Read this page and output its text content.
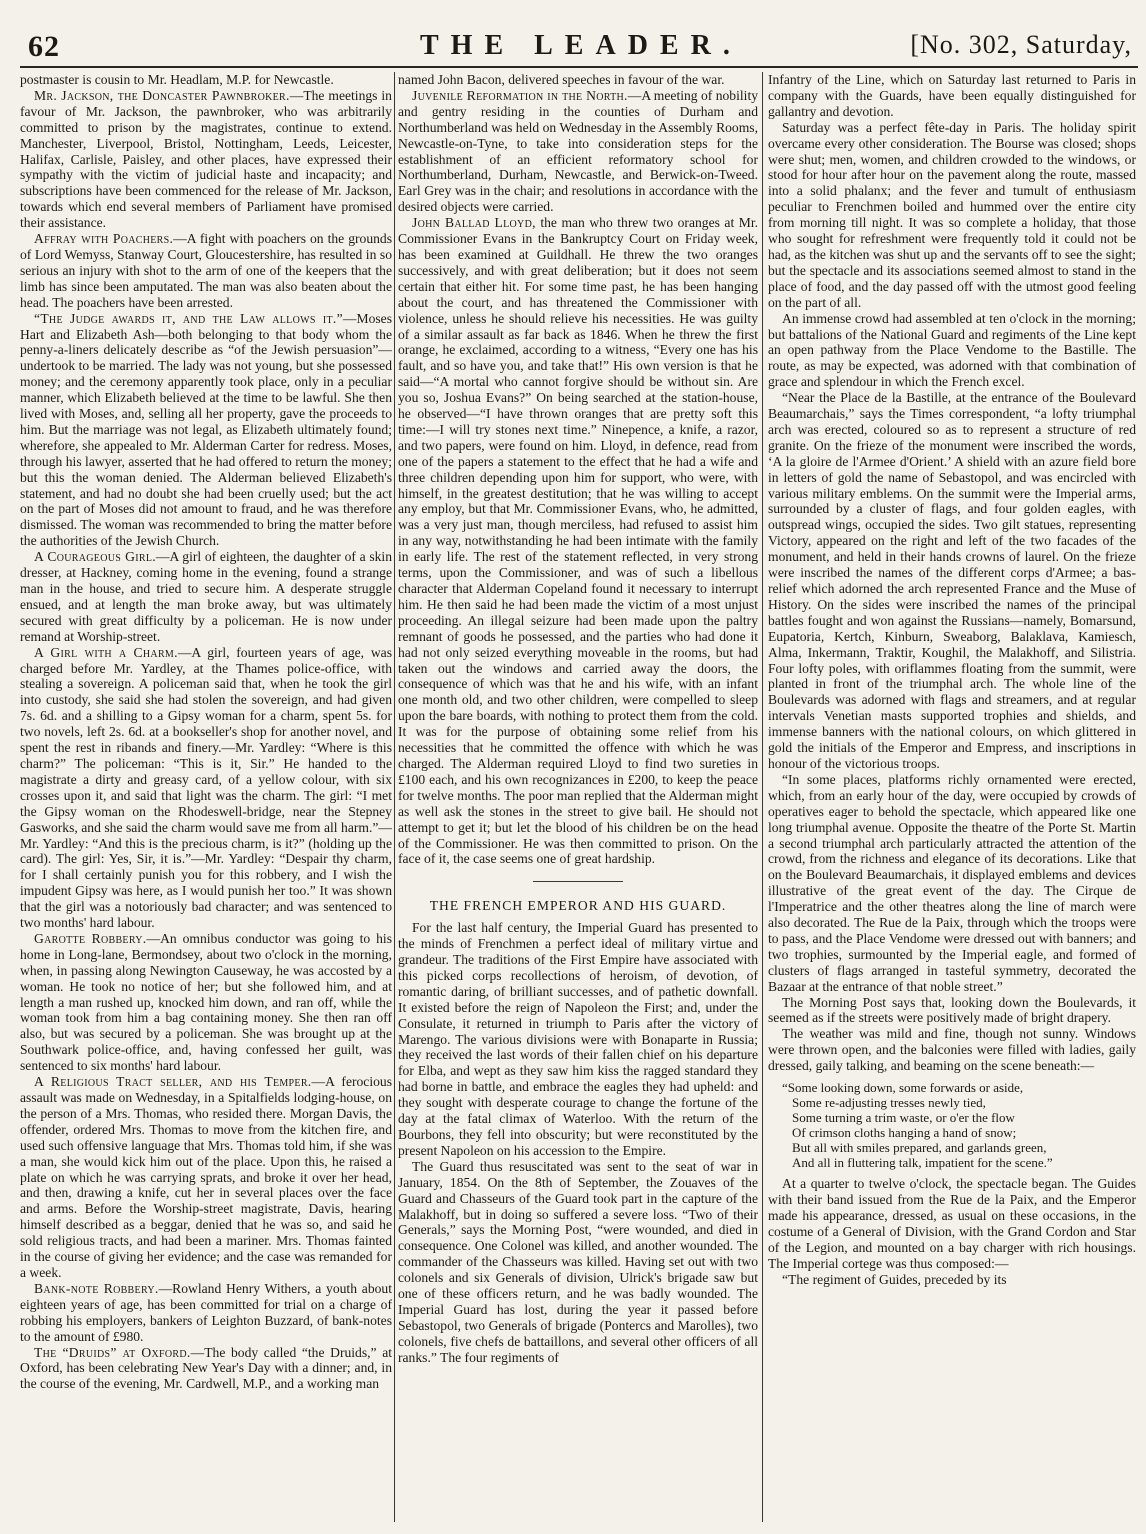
62	THE LEADER.	[No. 302, Saturday,

postmaster is cousin to Mr. Headlam, M.P. for Newcastle.

Mr. Jackson, the Doncaster Pawnbroker.—The meetings in favour of Mr. Jackson, the pawnbroker, who was arbitrarily committed to prison by the magistrates, continue to extend. Manchester, Liverpool, Bristol, Nottingham, Leeds, Leicester, Halifax, Carlisle, Paisley, and other places, have expressed their sympathy with the victim of judicial haste and incapacity; and subscriptions have been commenced for the release of Mr. Jackson, towards which end several members of Parliament have promised their assistance.

Affray with Poachers.—A fight with poachers on the grounds of Lord Wemyss, Stanway Court, Gloucestershire, has resulted in so serious an injury with shot to the arm of one of the keepers that the limb has since been amputated. The man was also beaten about the head. The poachers have been arrested.

“The Judge awards it, and the Law allows it.”—Moses Hart and Elizabeth Ash—both belonging to that body whom the penny-a-liners delicately describe as “of the Jewish persuasion”—undertook to be married. The lady was not young, but she possessed money; and the ceremony apparently took place, only in a peculiar manner, which Elizabeth believed at the time to be lawful. She then lived with Moses, and, selling all her property, gave the proceeds to him. But the marriage was not legal, as Elizabeth ultimately found; wherefore, she appealed to Mr. Alderman Carter for redress. Moses, through his lawyer, asserted that he had offered to return the money; but this the woman denied. The Alderman believed Elizabeth's statement, and had no doubt she had been cruelly used; but the act on the part of Moses did not amount to fraud, and he was therefore dismissed. The woman was recommended to bring the matter before the authorities of the Jewish Church.

A Courageous Girl.—A girl of eighteen, the daughter of a skin dresser, at Hackney, coming home in the evening, found a strange man in the house, and tried to secure him. A desperate struggle ensued, and at length the man broke away, but was ultimately secured with great difficulty by a policeman. He is now under remand at Worship-street.

A Girl with a Charm.—A girl, fourteen years of age, was charged before Mr. Yardley, at the Thames police-office, with stealing a sovereign. A policeman said that, when he took the girl into custody, she said she had stolen the sovereign, and had given 7s. 6d. and a shilling to a Gipsy woman for a charm, spent 5s. for two novels, left 2s. 6d. at a bookseller's shop for another novel, and spent the rest in ribands and finery.—Mr. Yardley: “Where is this charm?” The policeman: “This is it, Sir.” He handed to the magistrate a dirty and greasy card, of a yellow colour, with six crosses upon it, and said that light was the charm. The girl: “I met the Gipsy woman on the Rhodeswell-bridge, near the Stepney Gasworks, and she said the charm would save me from all harm.”—Mr. Yardley: “And this is the precious charm, is it?” (holding up the card). The girl: Yes, Sir, it is.”—Mr. Yardley: “Despair thy charm, for I shall certainly punish you for this robbery, and I wish the impudent Gipsy was here, as I would punish her too.” It was shown that the girl was a notoriously bad character; and was sentenced to two months' hard labour.

Garotte Robbery.—An omnibus conductor was going to his home in Long-lane, Bermondsey, about two o'clock in the morning, when, in passing along Newington Causeway, he was accosted by a woman. He took no notice of her; but she followed him, and at length a man rushed up, knocked him down, and ran off, while the woman took from him a bag containing money. She then ran off also, but was secured by a policeman. She was brought up at the Southwark police-office, and, having confessed her guilt, was sentenced to six months' hard labour.

A Religious Tract seller, and his Temper.—A ferocious assault was made on Wednesday, in a Spitalfields lodging-house, on the person of a Mrs. Thomas, who resided there. Morgan Davis, the offender, ordered Mrs. Thomas to move from the kitchen fire, and used such offensive language that Mrs. Thomas told him, if she was a man, she would kick him out of the place. Upon this, he raised a plate on which he was carrying sprats, and broke it over her head, and then, drawing a knife, cut her in several places over the face and arms. Before the Worship-street magistrate, Davis, hearing himself described as a beggar, denied that he was so, and said he sold religious tracts, and had been a mariner. Mrs. Thomas fainted in the course of giving her evidence; and the case was remanded for a week.

Bank-note Robbery.—Rowland Henry Withers, a youth about eighteen years of age, has been committed for trial on a charge of robbing his employers, bankers of Leighton Buzzard, of bank-notes to the amount of £980.

The “Druids” at Oxford.—The body called “the Druids,” at Oxford, has been celebrating New Year's Day with a dinner; and, in the course of the evening, Mr. Cardwell, M.P., and a working man

named John Bacon, delivered speeches in favour of the war.

Juvenile Reformation in the North.—A meeting of nobility and gentry residing in the counties of Durham and Northumberland was held on Wednesday in the Assembly Rooms, Newcastle-on-Tyne, to take into consideration steps for the establishment of an efficient reformatory school for Northumberland, Durham, Newcastle, and Berwick-on-Tweed. Earl Grey was in the chair; and resolutions in accordance with the desired objects were carried.

John Ballad Lloyd, the man who threw two oranges at Mr. Commissioner Evans in the Bankruptcy Court on Friday week, has been examined at Guildhall. He threw the two oranges successively, and with great deliberation; but it does not seem certain that either hit. For some time past, he has been hanging about the court, and has threatened the Commissioner with violence, unless he should relieve his necessities. He was guilty of a similar assault as far back as 1846. When he threw the first orange, he exclaimed, according to a witness, “Every one has his fault, and so have you, and take that!” His own version is that he said—“A mortal who cannot forgive should be without sin. Are you so, Joshua Evans?” On being searched at the station-house, he observed—“I have thrown oranges that are pretty soft this time:—I will try stones next time.” Ninepence, a knife, a razor, and two papers, were found on him. Lloyd, in defence, read from one of the papers a statement to the effect that he had a wife and three children depending upon him for support, who were, with himself, in the greatest destitution; that he was willing to accept any employ, but that Mr. Commissioner Evans, who, he admitted, was a very just man, though merciless, had refused to assist him in any way, notwithstanding he had been intimate with the family in early life. The rest of the statement reflected, in very strong terms, upon the Commissioner, and was of such a libellous character that Alderman Copeland found it necessary to interrupt him. He then said he had been made the victim of a most unjust proceeding. An illegal seizure had been made upon the paltry remnant of goods he possessed, and the parties who had done it had not only seized everything moveable in the rooms, but had taken out the windows and carried away the doors, the consequence of which was that he and his wife, with an infant one month old, and two other children, were compelled to sleep upon the bare boards, with nothing to protect them from the cold. It was for the purpose of obtaining some relief from his necessities that he committed the offence with which he was charged. The Alderman required Lloyd to find two sureties in £100 each, and his own recognizances in £200, to keep the peace for twelve months. The poor man replied that the Alderman might as well ask the stones in the street to give bail. He should not attempt to get it; but let the blood of his children be on the head of the Commissioner. He was then committed to prison. On the face of it, the case seems one of great hardship.

THE FRENCH EMPEROR AND HIS GUARD.

For the last half century, the Imperial Guard has presented to the minds of Frenchmen a perfect ideal of military virtue and grandeur. The traditions of the First Empire have associated with this picked corps recollections of heroism, of devotion, of romantic daring, of brilliant successes, and of pathetic downfall. It existed before the reign of Napoleon the First; and, under the Consulate, it returned in triumph to Paris after the victory of Marengo. The various divisions were with Bonaparte in Russia; they received the last words of their fallen chief on his departure for Elba, and wept as they saw him kiss the ragged standard they had borne in battle, and embrace the eagles they had upheld: and they sought with desperate courage to change the fortune of the day at the fatal climax of Waterloo. With the return of the Bourbons, they fell into obscurity; but were reconstituted by the present Napoleon on his accession to the Empire.

The Guard thus resuscitated was sent to the seat of war in January, 1854. On the 8th of September, the Zouaves of the Guard and Chasseurs of the Guard took part in the capture of the Malakhoff, but in doing so suffered a severe loss. “Two of their Generals,” says the Morning Post, “were wounded, and died in consequence. One Colonel was killed, and another wounded. The commander of the Chasseurs was killed. Having set out with two colonels and six Generals of division, Ulrick's brigade saw but one of these officers return, and he was badly wounded. The Imperial Guard has lost, during the year it passed before Sebastopol, two Generals of brigade (Pontercs and Marolles), two colonels, five chefs de battaillons, and several other officers of all ranks.” The four regiments of

Infantry of the Line, which on Saturday last returned to Paris in company with the Guards, have been equally distinguished for gallantry and devotion.

Saturday was a perfect fête-day in Paris. The holiday spirit overcame every other consideration. The Bourse was closed; shops were shut; men, women, and children crowded to the windows, or stood for hour after hour on the pavement along the route, massed into a solid phalanx; and the fever and tumult of enthusiasm peculiar to Frenchmen boiled and hummed over the entire city from morning till night. It was so complete a holiday, that those who sought for refreshment were frequently told it could not be had, as the kitchen was shut up and the servants off to see the sight; but the spectacle and its associations seemed almost to stand in the place of food, and the day passed off with the utmost good feeling on the part of all.

An immense crowd had assembled at ten o'clock in the morning; but battalions of the National Guard and regiments of the Line kept an open pathway from the Place Vendome to the Bastille. The route, as may be expected, was adorned with that combination of grace and splendour in which the French excel.

“Near the Place de la Bastille, at the entrance of the Boulevard Beaumarchais,” says the Times correspondent, “a lofty triumphal arch was erected, coloured so as to represent a structure of red granite. On the frieze of the monument were inscribed the words, ‘A la gloire de l'Armee d'Orient.’ A shield with an azure field bore in letters of gold the name of Sebastopol, and was encircled with various military emblems. On the summit were the Imperial arms, surrounded by a cluster of flags, and four golden eagles, with outspread wings, occupied the sides. Two gilt statues, representing Victory, appeared on the right and left of the two facades of the monument, and held in their hands crowns of laurel. On the frieze were inscribed the names of the different corps d'Armee; a bas-relief which adorned the arch represented France and the Muse of History. On the sides were inscribed the names of the principal battles fought and won against the Russians—namely, Bomarsund, Eupatoria, Kertch, Kinburn, Sweaborg, Balaklava, Kamiesch, Alma, Inkermann, Traktir, Koughil, the Malakhoff, and Silistria. Four lofty poles, with oriflammes floating from the summit, were planted in front of the triumphal arch. The whole line of the Boulevards was adorned with flags and streamers, and at regular intervals Venetian masts supported trophies and shields, and immense banners with the national colours, on which glittered in gold the initials of the Emperor and Empress, and inscriptions in honour of the victorious troops.

“In some places, platforms richly ornamented were erected, which, from an early hour of the day, were occupied by crowds of operatives eager to behold the spectacle, which appeared like one long triumphal avenue. Opposite the theatre of the Porte St. Martin a second triumphal arch particularly attracted the attention of the crowd, from the richness and elegance of its decorations. Like that on the Boulevard Beaumarchais, it displayed emblems and devices illustrative of the great event of the day. The Cirque de l'Imperatrice and the other theatres along the line of march were also decorated. The Rue de la Paix, through which the troops were to pass, and the Place Vendome were dressed out with banners; and two trophies, surmounted by the Imperial eagle, and formed of clusters of flags arranged in tasteful symmetry, decorated the Bazaar at the entrance of that noble street.”

The Morning Post says that, looking down the Boulevards, it seemed as if the streets were positively made of bright drapery.

The weather was mild and fine, though not sunny. Windows were thrown open, and the balconies were filled with ladies, gaily dressed, gaily talking, and beaming on the scene beneath:—

“Some looking down, some forwards or aside,
Some re-adjusting tresses newly tied,
Some turning a trim waste, or o'er the flow
Of crimson cloths hanging a hand of snow;
But all with smiles prepared, and garlands green,
And all in fluttering talk, impatient for the scene.”

At a quarter to twelve o'clock, the spectacle began. The Guides with their band issued from the Rue de la Paix, and the Emperor made his appearance, dressed, as usual on these occasions, in the costume of a General of Division, with the Grand Cordon and Star of the Legion, and mounted on a bay charger with rich housings. The Imperial cortege was thus composed:—

“The regiment of Guides, preceded by its
